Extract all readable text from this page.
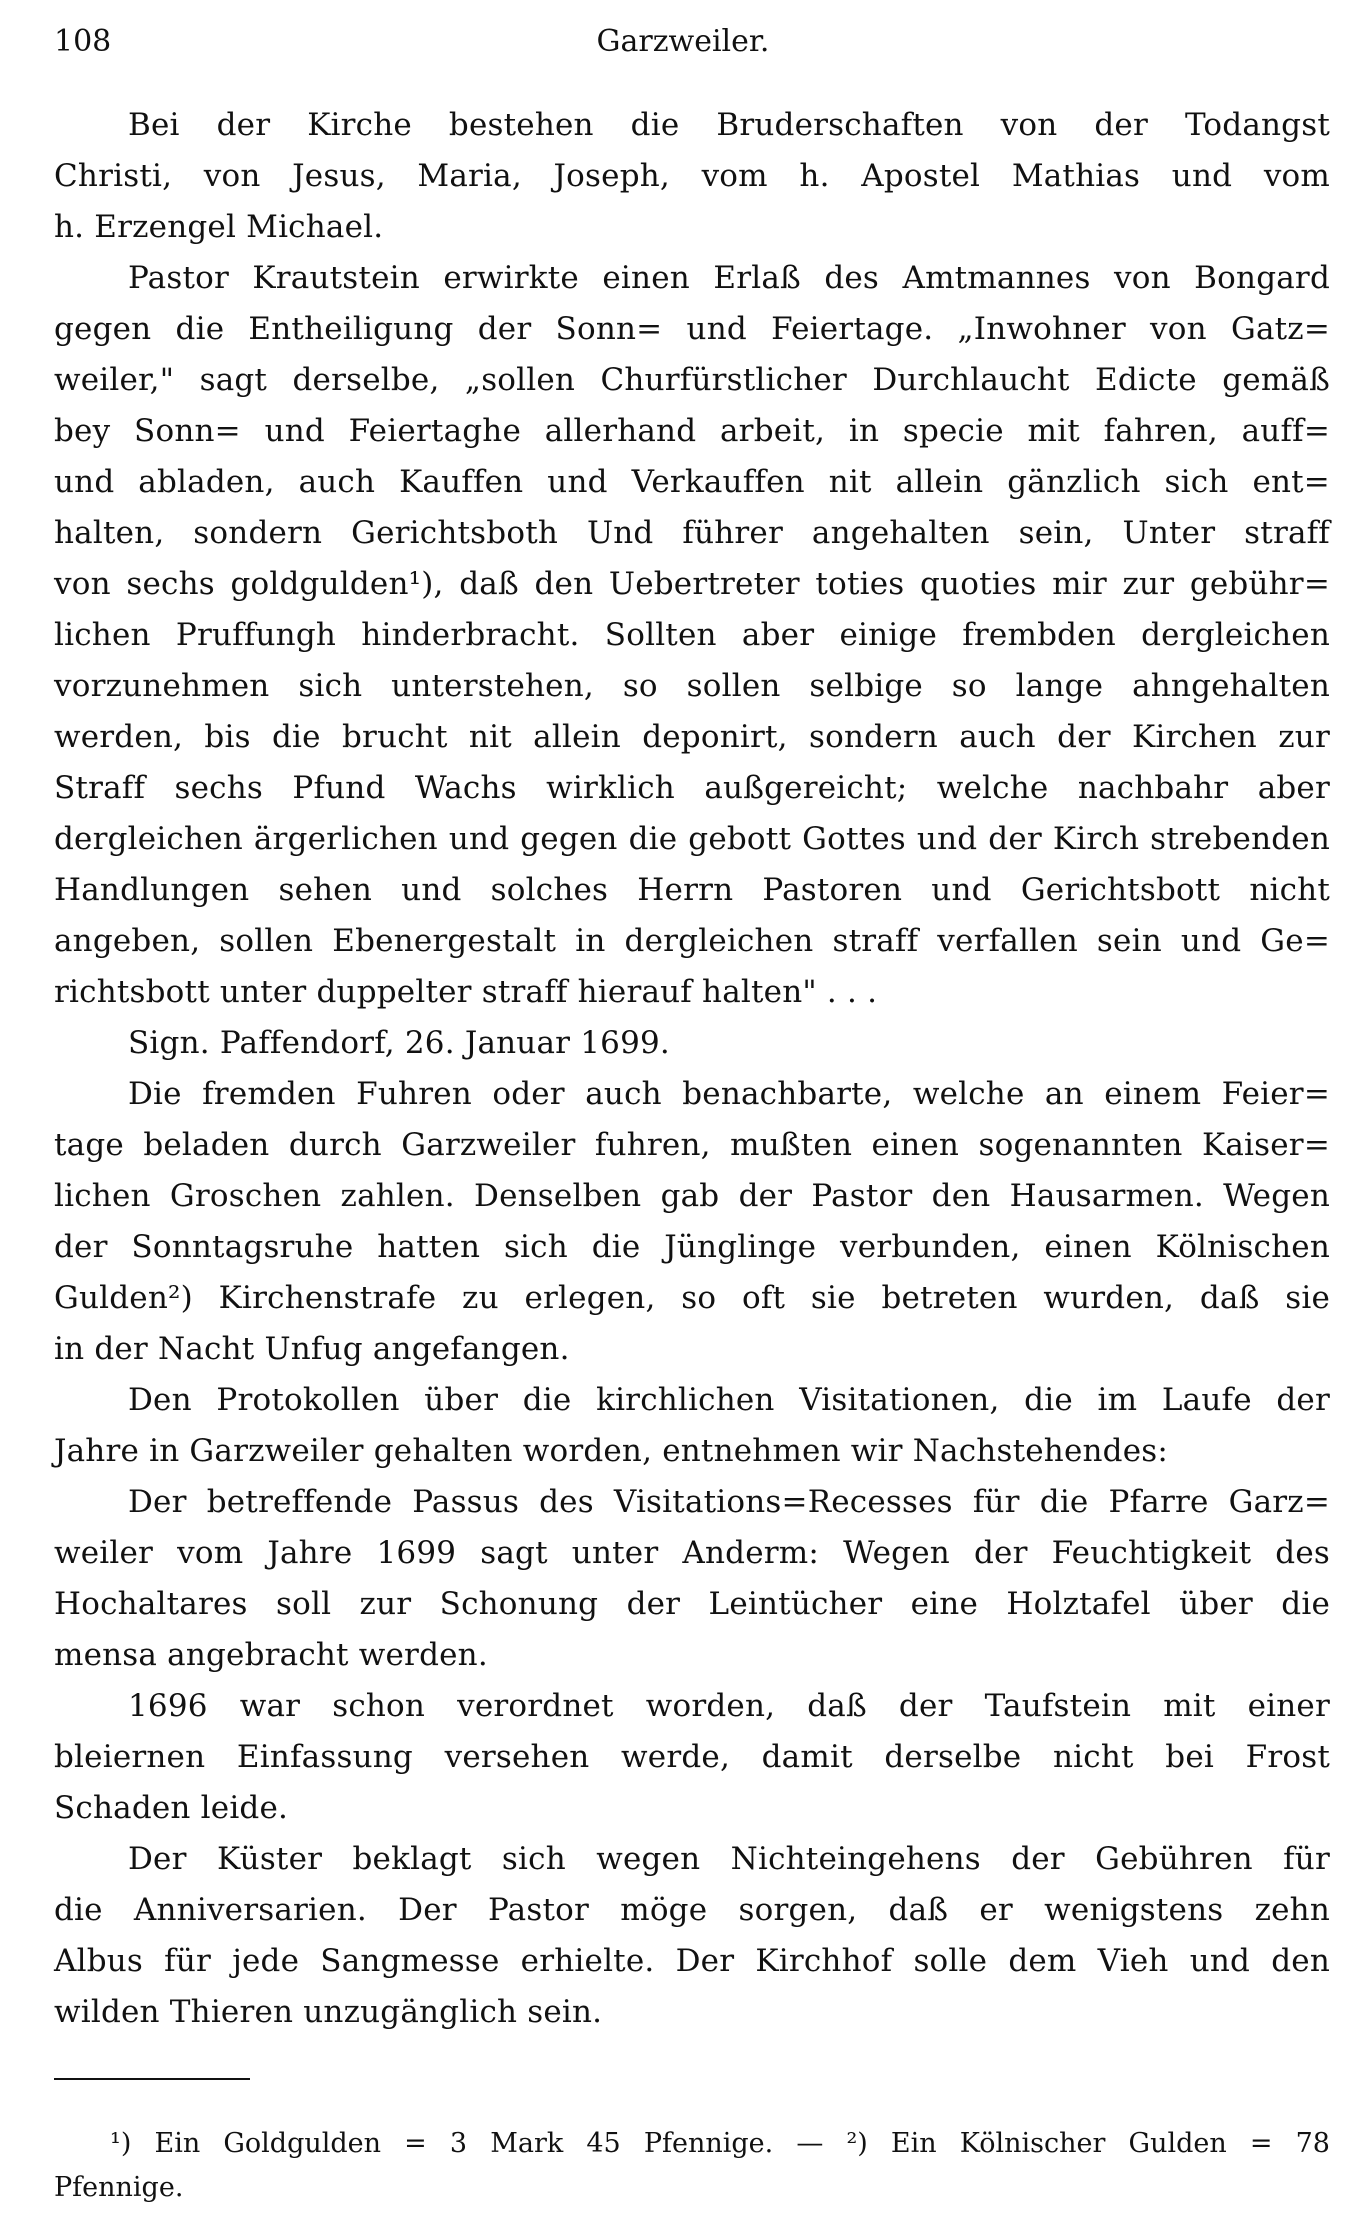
108	Garzweiler.
Bei der Kirche bestehen die Bruderschaften von der Todangst
Christi, von Jesus, Maria, Joseph, vom h. Apostel Mathias und vom
h. Erzengel Michael.
Pastor Krautstein erwirkte einen Erlaß des Amtmannes von Bongard
gegen die Entheiligung der Sonn= und Feiertage. „Inwohner von Gatz=
weiler," sagt derselbe, „sollen Churfürstlicher Durchlaucht Edicte gemäß
bey Sonn= und Feiertaghe allerhand arbeit, in specie mit fahren, auff=
und abladen, auch Kauffen und Verkauffen nit allein gänzlich sich ent=
halten, sondern Gerichtsboth Und führer angehalten sein, Unter straff
von sechs goldgulden¹), daß den Uebertreter toties quoties mir zur gebühr=
lichen Pruffungh hinderbracht. Sollten aber einige frembden dergleichen
vorzunehmen sich unterstehen, so sollen selbige so lange ahngehalten
werden, bis die brucht nit allein deponirt, sondern auch der Kirchen zur
Straff sechs Pfund Wachs wirklich außgereicht; welche nachbahr aber
dergleichen ärgerlichen und gegen die gebott Gottes und der Kirch strebenden
Handlungen sehen und solches Herrn Pastoren und Gerichtsbott nicht
angeben, sollen Ebenergestalt in dergleichen straff verfallen sein und Ge=
richtsbott unter duppelter straff hierauf halten" . . .
Sign. Paffendorf, 26. Januar 1699.
Die fremden Fuhren oder auch benachbarte, welche an einem Feier=
tage beladen durch Garzweiler fuhren, mußten einen sogenannten Kaiser=
lichen Groschen zahlen. Denselben gab der Pastor den Hausarmen. Wegen
der Sonntagsruhe hatten sich die Jünglinge verbunden, einen Kölnischen
Gulden²) Kirchenstrafe zu erlegen, so oft sie betreten wurden, daß sie
in der Nacht Unfug angefangen.
Den Protokollen über die kirchlichen Visitationen, die im Laufe der
Jahre in Garzweiler gehalten worden, entnehmen wir Nachstehendes:
Der betreffende Passus des Visitations=Recesses für die Pfarre Garz=
weiler vom Jahre 1699 sagt unter Anderm: Wegen der Feuchtigkeit des
Hochaltares soll zur Schonung der Leintücher eine Holztafel über die
mensa angebracht werden.
1696 war schon verordnet worden, daß der Taufstein mit einer
bleiernen Einfassung versehen werde, damit derselbe nicht bei Frost
Schaden leide.
Der Küster beklagt sich wegen Nichteingehens der Gebühren für
die Anniversarien. Der Pastor möge sorgen, daß er wenigstens zehn
Albus für jede Sangmesse erhielte. Der Kirchhof solle dem Vieh und den
wilden Thieren unzugänglich sein.
¹) Ein Goldgulden = 3 Mark 45 Pfennige. — ²) Ein Kölnischer Gulden = 78
Pfennige.
